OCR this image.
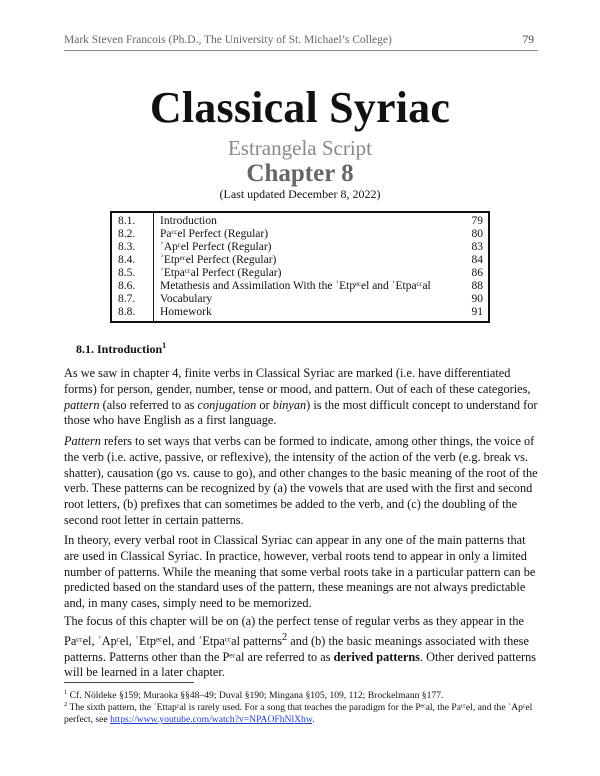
Mark Steven Francois (Ph.D., The University of St. Michael’s College)	79
Classical Syriac
Estrangela Script
Chapter 8
(Last updated December 8, 2022)
8.1. Introduction	79
8.2. Paᶜᶜel Perfect (Regular)	80
8.3. ʾApᶜel Perfect (Regular)	83
8.4. ʾEtpᵉᶜel Perfect (Regular)	84
8.5. ʾEtpaᶜᶜal Perfect (Regular)	86
8.6. Metathesis and Assimilation With the ʾEtpᵉᶜel and ʾEtpaᶜᶜal	88
8.7. Vocabulary	90
8.8. Homework	91
8.1. Introduction$^1$

As we saw in chapter 4, finite verbs in Classical Syriac are marked (i.e. have differentiated forms) for person, gender, number, tense or mood, and pattern. Out of each of these categories, pattern (also referred to as conjugation or binyan) is the most difficult concept to understand for those who have English as a first language.

Pattern refers to set ways that verbs can be formed to indicate, among other things, the voice of the verb (i.e. active, passive, or reflexive), the intensity of the action of the verb (e.g. break vs. shatter), causation (go vs. cause to go), and other changes to the basic meaning of the root of the verb. These patterns can be recognized by (a) the vowels that are used with the first and second root letters, (b) prefixes that can sometimes be added to the verb, and (c) the doubling of the second root letter in certain patterns.

In theory, every verbal root in Classical Syriac can appear in any one of the main patterns that are used in Classical Syriac. In practice, however, verbal roots tend to appear in only a limited number of patterns. While the meaning that some verbal roots take in a particular pattern can be predicted based on the standard uses of the pattern, these meanings are not always predictable and, in many cases, simply need to be memorized.

The focus of this chapter will be on (a) the perfect tense of regular verbs as they appear in the Paᶜᶜel, ʾApᶜel, ʾEtpᵉᶜel, and ʾEtpaᶜᶜal patterns$^2$ and (b) the basic meanings associated with these patterns. Patterns other than the Pᵉᶜal are referred to as derived patterns. Other derived patterns will be learned in a later chapter.

$^1$ Cf. Nöldeke §159; Muraoka §§48–49; Duval §190; Mingana §105, 109, 112; Brockelmann §177.

$^2$ The sixth pattern, the ʾEttapᶜal is rarely used. For a song that teaches the paradigm for the Pᵉᶜal, the Paᶜᶜel, and the ʾApᶜel perfect, see https://www.youtube.com/watch?v=NPAOFhNlXhw.
